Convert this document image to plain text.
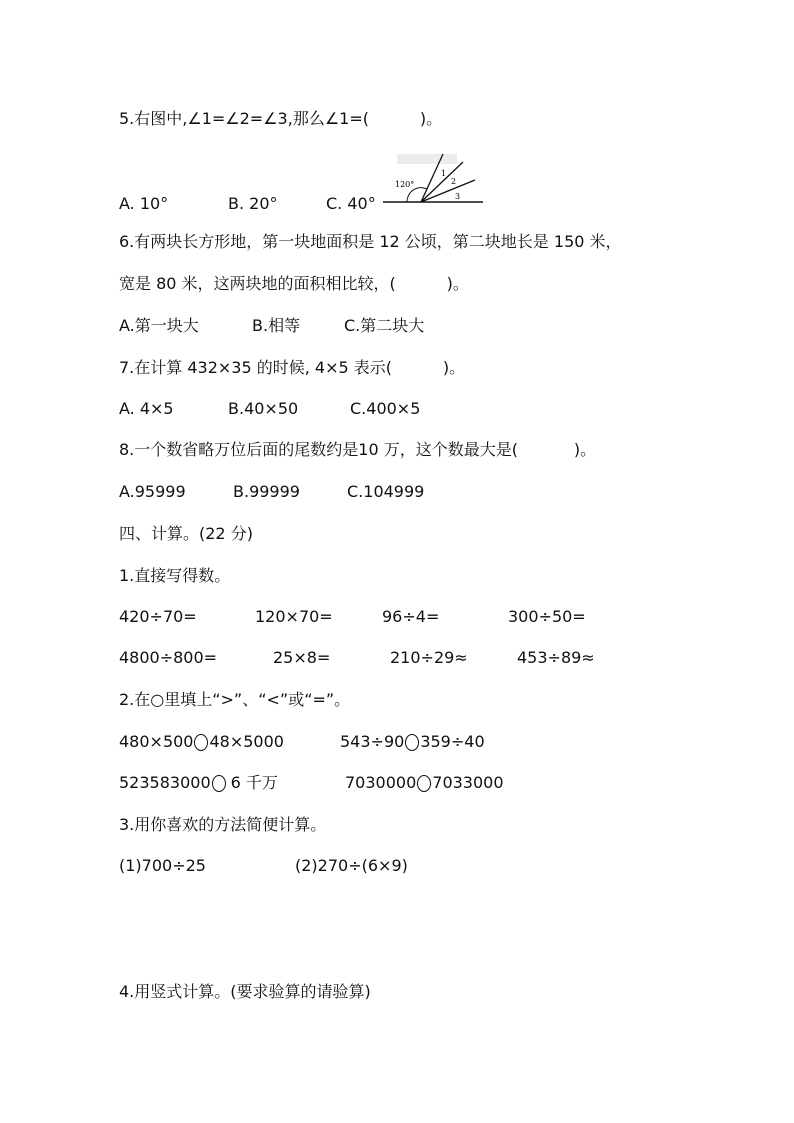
5.右图中,∠1=∠2=∠3,那么∠1=(          )。
120°
1
2
3
A. 10°	B. 20°	C. 40°
6.有两块长方形地，第一块地面积是 12 公顷，第二块地长是 150 米，
宽是 80 米，这两块地的面积相比较，(          )。
A.第一块大	B.相等	C.第二块大
7.在计算 432×35 的时候, 4×5 表示(          )。
A. 4×5	B.40×50	C.400×5
8.一个数省略万位后面的尾数约是10 万，这个数最大是(           )。
A.95999	B.99999	C.104999
四、计算。(22 分)
1.直接写得数。
420÷70=	120×70=	96÷4=	300÷50=
4800÷800=	25×8=	210÷29≈	453÷89≈
2.在○里填上“>”、“<”或“=”。
480×500 48×5000	543÷90 359÷40
523583000 6 千万	7030000 7033000
3.用你喜欢的方法简便计算。
(1)700÷25	(2)270÷(6×9)
4.用竖式计算。(要求验算的请验算)
